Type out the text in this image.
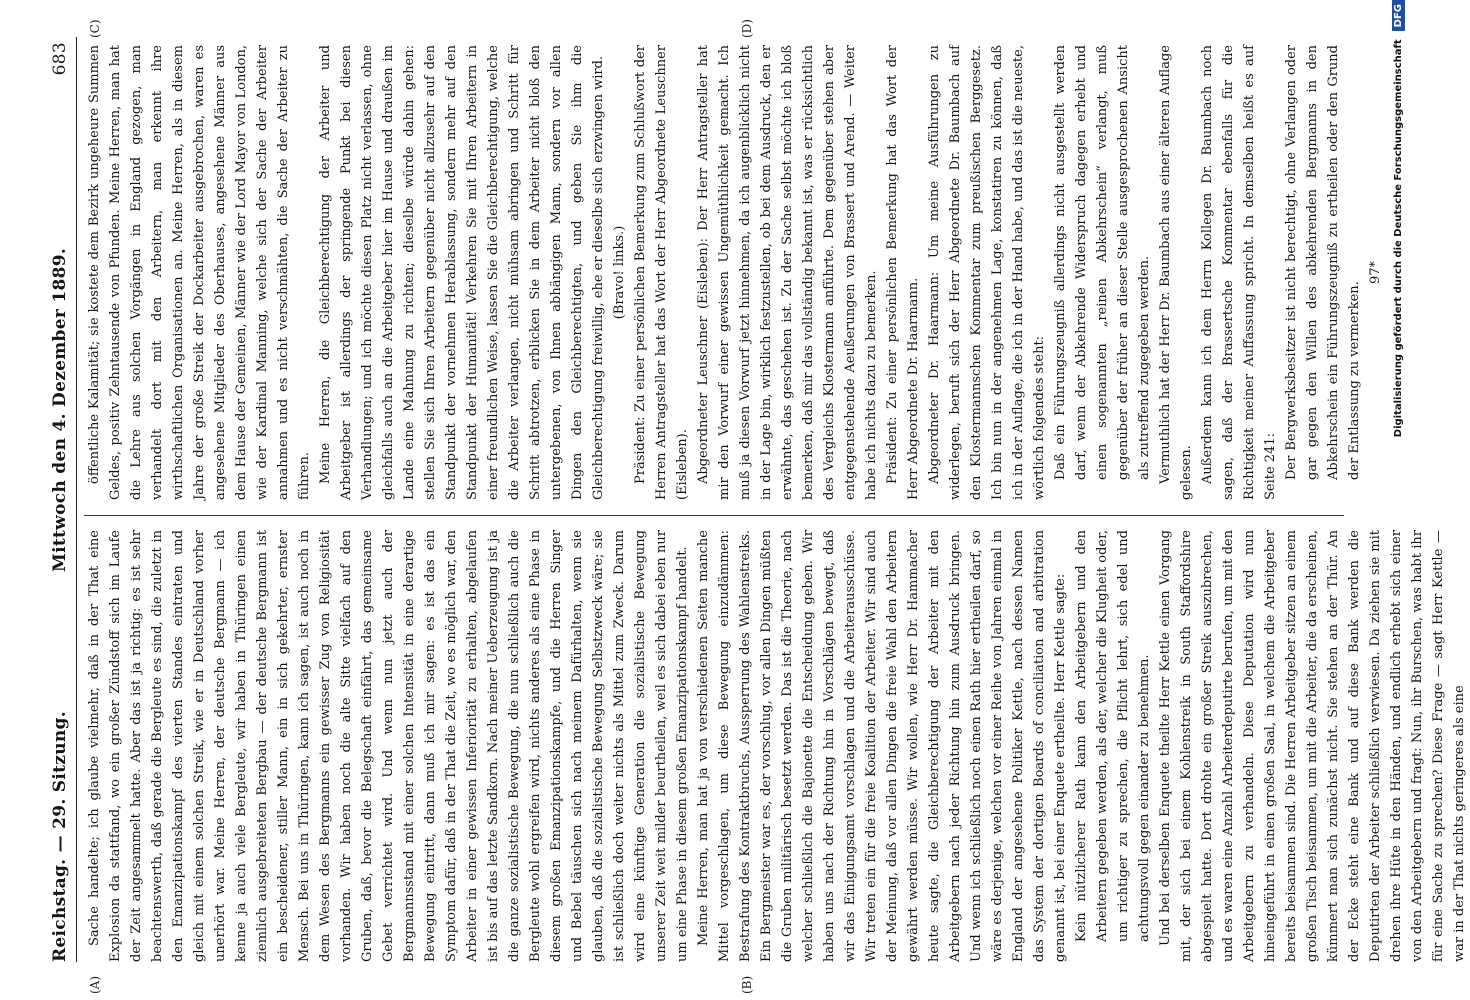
Reichstag. — 29. Sitzung.
Mittwoch den 4. Dezember 1889.
683
(A)	(B)
(C)	(D)

Sache handelte; ich glaube vielmehr, daß in der That eine Explosion da stattfand, wo ein großer Zündstoff sich im Laufe der Zeit angesammelt hatte. Aber das ist ja richtig: es ist sehr beachtenswerth, daß gerade die Bergleute es sind, die zuletzt in den Emanzipationskampf des vierten Standes eintraten und gleich mit einem solchen Streik, wie er in Deutschland vorher unerhört war. Meine Herren, der deutsche Bergmann — ich kenne ja auch viele Bergleute, wir haben in Thüringen einen ziemlich ausgebreiteten Bergbau — der deutsche Bergmann ist ein bescheidener, stiller Mann, ein in sich gekehrter, ernster Mensch. Bei uns in Thüringen, kann ich sagen, ist auch noch in dem Wesen des Bergmanns ein gewisser Zug von Religiosität vorhanden. Wir haben noch die alte Sitte vielfach auf den Gruben, daß, bevor die Belegschaft einfährt, das gemeinsame Gebet verrichtet wird. Und wenn nun jetzt auch der Bergmannsstand mit einer solchen Intensität in eine derartige Bewegung eintritt, dann muß ich mir sagen: es ist das ein Symptom dafür, daß in der That die Zeit, wo es möglich war, den Arbeiter in einer gewissen Inferiorität zu erhalten, abgelaufen ist bis auf das letzte Sandkorn. Nach meiner Ueberzeugung ist ja die ganze sozialistische Bewegung, die nun schließlich auch die Bergleute wohl ergreifen wird, nichts anderes als eine Phase in diesem großen Emanzipationskampfe, und die Herren Singer und Bebel täuschen sich nach meinem Dafürhalten, wenn sie glauben, daß die sozialistische Bewegung Selbstzweck wäre; sie ist schließlich doch weiter nichts als Mittel zum Zweck. Darum wird eine künftige Generation die sozialistische Bewegung unserer Zeit weit milder beurtheilen, weil es sich dabei eben nur um eine Phase in diesem großen Emanzipationskampf handelt. Meine Herren, man hat ja von verschiedenen Seiten manche Mittel vorgeschlagen, um diese Bewegung einzudämmen: Bestrafung des Kontraktbruchs, Aussperrung des Wahlenstreiks. Ein Bergmeister war es, der vorschlug, vor allen Dingen müßten die Gruben militärisch besetzt werden. Das ist die Theorie, nach welcher schließlich die Bajonette die Entscheidung geben. Wir haben uns nach der Richtung hin in Vorschlägen bewegt, daß wir das Einigungsamt vorschlagen und die Arbeiterausschüsse. Wir treten ein für die freie Koalition der Arbeiter. Wir sind auch der Meinung, daß vor allen Dingen die freie Wahl den Arbeitern gewährt werden müsse. Wir wollen, wie Herr Dr. Hammacher heute sagte, die Gleichberechtigung der Arbeiter mit den Arbeitgebern nach jeder Richtung hin zum Ausdruck bringen. Und wenn ich schließlich noch einen Rath hier ertheilen darf, so wäre es derjenige, welchen vor einer Reihe von Jahren einmal in England der angesehene Politiker Kettle, nach dessen Namen das System der dortigen Boards of conciliation and arbitration genannt ist, bei einer Enquete ertheilte. Herr Kettle sagte: Kein nützlicherer Rath kann den Arbeitgebern und den Arbeitern gegeben werden, als der, welcher die Klugheit oder, um richtiger zu sprechen, die Pflicht lehrt, sich edel und achtungsvoll gegen einander zu benehmen. Und bei derselben Enquete theilte Herr Kettle einen Vorgang mit, der sich bei einem Kohlenstreik in South Staffordshire abgespielt hatte. Dort drohte ein großer Streik auszubrechen, und es waren eine Anzahl Arbeiterdeputirte berufen, um mit den Arbeitgebern zu verhandeln. Diese Deputation wird nun hineingeführt in einen großen Saal, in welchem die Arbeitgeber bereits beisammen sind. Die Herren Arbeitgeber sitzen an einem großen Tisch beisammen, um mit die Arbeiter, die da erscheinen, kümmert man sich zunächst nicht. Sie stehen an der Thür. An der Ecke steht eine Bank und auf diese Bank werden die Deputirten der Arbeiter schließlich verwiesen. Da ziehen sie mit drehen ihre Hüte in den Händen, und endlich erhebt sich einer von den Arbeitgebern und fragt: Nun, ihr Burschen, was habt ihr für eine Sache zu sprechen? Diese Frage — sagt Herr Kettle — war in der That nichts geringeres als eine

öffentliche Kalamität; sie kostete dem Bezirk ungeheure Summen Geldes, positiv Zehntausende von Pfunden. Meine Herren, man hat die Lehre aus solchen Vorgängen in England gezogen, man verhandelt dort mit den Arbeitern, man erkennt ihre wirthschaftlichen Organisationen an. Meine Herren, als in diesem Jahre der große Streik der Dockarbeiter ausgebrochen, waren es angesehene Mitglieder des Oberhauses, angesehene Männer aus dem Hause der Gemeinen, Männer wie der Lord Mayor von London, wie der Kardinal Manning, welche sich der Sache der Arbeiter annahmen und es nicht verschmähten, die Sache der Arbeiter zu führen. Meine Herren, die Gleichberechtigung der Arbeiter und Arbeitgeber ist allerdings der springende Punkt bei diesen Verhandlungen; und ich möchte diesen Platz nicht verlassen, ohne gleichfalls auch an die Arbeitgeber hier im Hause und draußen im Lande eine Mahnung zu richten; dieselbe würde dahin gehen: stellen Sie sich Ihren Arbeitern gegenüber nicht allzusehr auf den Standpunkt der vornehmen Herablassung, sondern mehr auf den Standpunkt der Humanität! Verkehren Sie mit Ihren Arbeitern in einer freundlichen Weise, lassen Sie die Gleichberechtigung, welche die Arbeiter verlangen, nicht mühsam abringen und Schritt für Schritt abtrotzen, erblicken Sie in dem Arbeiter nicht bloß den untergebenen, von Ihnen abhängigen Mann, sondern vor allen Dingen den Gleichberechtigten, und geben Sie ihm die Gleichberechtigung freiwillig, ehe er dieselbe sich erzwingen wird. (Bravo! links.) Präsident: Zu einer persönlichen Bemerkung zum Schlußwort der Herren Antragsteller hat das Wort der Herr Abgeordnete Leuschner (Eisleben). Abgeordneter Leuschner (Eisleben): Der Herr Antragsteller hat mir den Vorwurf einer gewissen Ungemüthlichkeit gemacht. Ich muß ja diesen Vorwurf jetzt hinnehmen, da ich augenblicklich nicht in der Lage bin, wirklich festzustellen, ob bei dem Ausdruck, den er erwähnte, das geschehen ist. Zu der Sache selbst möchte ich bloß bemerken, daß mir das vollständig bekannt ist, was er rücksichtlich des Vergleichs Klostermann anführte. Dem gegenüber stehen aber entgegenstehende Aeußerungen von Brassert und Arend. — Weiter habe ich nichts dazu zu bemerken. Präsident: Zu einer persönlichen Bemerkung hat das Wort der Herr Abgeordnete Dr. Haarmann. Abgeordneter Dr. Haarmann: Um meine Ausführungen zu widerlegen, beruft sich der Herr Abgeordnete Dr. Baumbach auf den Klostermannschen Kommentar zum preußischen Berggesetz. Ich bin nun in der angenehmen Lage, konstatiren zu können, daß ich in der Auflage, die ich in der Hand habe, und das ist die neueste, wörtlich folgendes steht: Daß ein Führungszeugniß allerdings nicht ausgestellt werden darf, wenn der Abkehrende Widerspruch dagegen erhebt und einen sogenannten „reinen Abkehrschein“ verlangt, muß gegenüber der früher an dieser Stelle ausgesprochenen Ansicht als zutreffend zugegeben werden. Vermuthlich hat der Herr Dr. Baumbach aus einer älteren Auflage gelesen. Außerdem kann ich dem Herrn Kollegen Dr. Baumbach noch sagen, daß der Brassertsche Kommentar ebenfalls für die Richtigkeit meiner Auffassung spricht. In demselben heißt es auf Seite 241: Der Bergwerksbesitzer ist nicht berechtigt, ohne Verlangen oder gar gegen den Willen des abkehrenden Bergmanns in den Abkehrschein ein Führungszeugniß zu ertheilen oder den Grund der Entlassung zu vermerken.

97*	Digitalisierung gefördert durch die Deutsche ForschungsgemeinschaftDFG
